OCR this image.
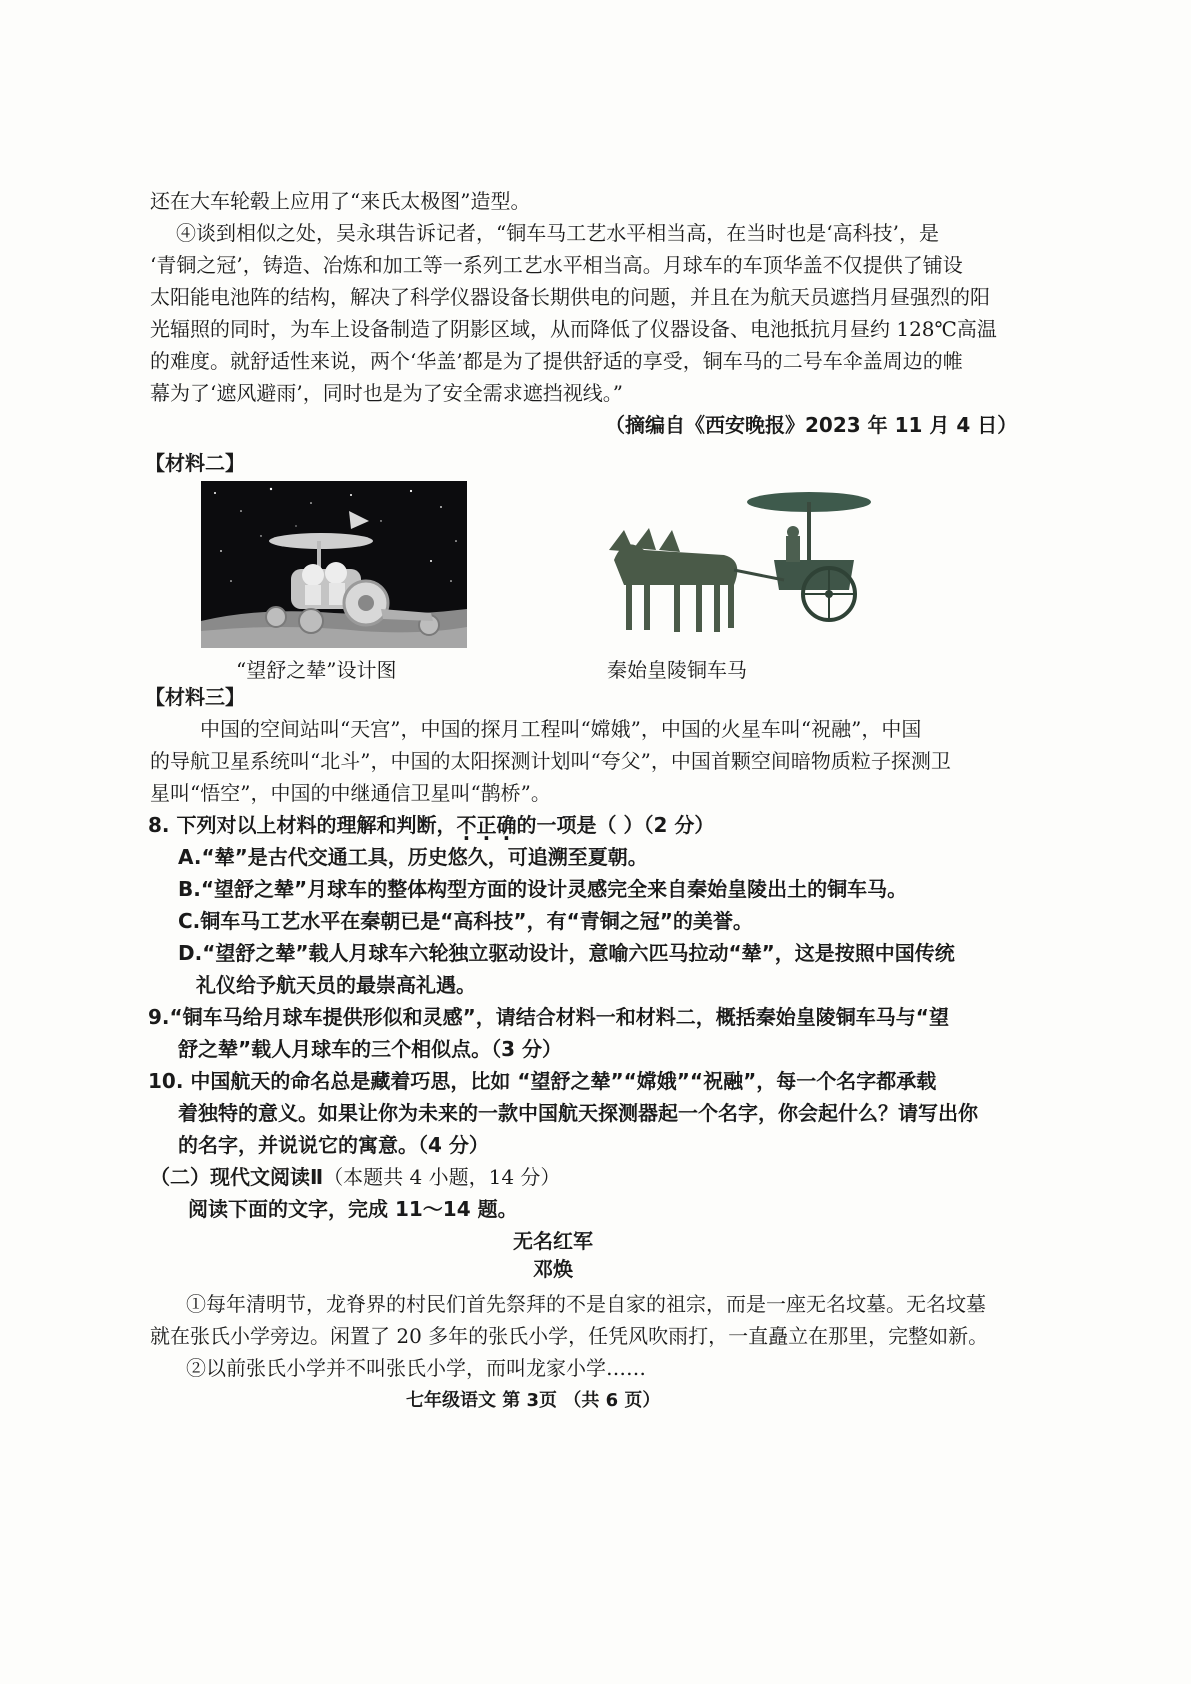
还在大车轮毂上应用了“来氏太极图”造型。
④谈到相似之处，吴永琪告诉记者，“铜车马工艺水平相当高，在当时也是‘高科技’，是
‘青铜之冠’，铸造、冶炼和加工等一系列工艺水平相当高。月球车的车顶华盖不仅提供了铺设
太阳能电池阵的结构，解决了科学仪器设备长期供电的问题，并且在为航天员遮挡月昼强烈的阳
光辐照的同时，为车上设备制造了阴影区域，从而降低了仪器设备、电池抵抗月昼约 128℃高温
的难度。就舒适性来说，两个‘华盖’都是为了提供舒适的享受，铜车马的二号车伞盖周边的帷
幕为了‘遮风避雨’，同时也是为了安全需求遮挡视线。”
（摘编自《西安晚报》2023 年 11 月 4 日）
【材料二】
“望舒之辇”设计图	秦始皇陵铜车马
【材料三】
中国的空间站叫“天宫”，中国的探月工程叫“嫦娥”，中国的火星车叫“祝融”，中国
的导航卫星系统叫“北斗”，中国的太阳探测计划叫“夸父”，中国首颗空间暗物质粒子探测卫
星叫“悟空”，中国的中继通信卫星叫“鹊桥”。
8. 下列对以上材料的理解和判断，不正确的一项是（ ）（2 分）
A.“辇”是古代交通工具，历史悠久，可追溯至夏朝。
B.“望舒之辇”月球车的整体构型方面的设计灵感完全来自秦始皇陵出土的铜车马。
C.铜车马工艺水平在秦朝已是“高科技”，有“青铜之冠”的美誉。
D.“望舒之辇”载人月球车六轮独立驱动设计，意喻六匹马拉动“辇”，这是按照中国传统
礼仪给予航天员的最崇高礼遇。
9.“铜车马给月球车提供形似和灵感”，请结合材料一和材料二，概括秦始皇陵铜车马与“望
舒之辇”载人月球车的三个相似点。（3 分）
10. 中国航天的命名总是藏着巧思，比如 “望舒之辇”“嫦娥”“祝融”，每一个名字都承载
着独特的意义。如果让你为未来的一款中国航天探测器起一个名字，你会起什么？请写出你
的名字，并说说它的寓意。（4 分）
（二）现代文阅读Ⅱ（本题共 4 小题，14 分）
阅读下面的文字，完成 11～14 题。
无名红军
邓焕
①每年清明节，龙脊界的村民们首先祭拜的不是自家的祖宗，而是一座无名坟墓。无名坟墓
就在张氏小学旁边。闲置了 20 多年的张氏小学，任凭风吹雨打，一直矗立在那里，完整如新。
②以前张氏小学并不叫张氏小学，而叫龙家小学……
七年级语文 第 3页 （共 6 页）
